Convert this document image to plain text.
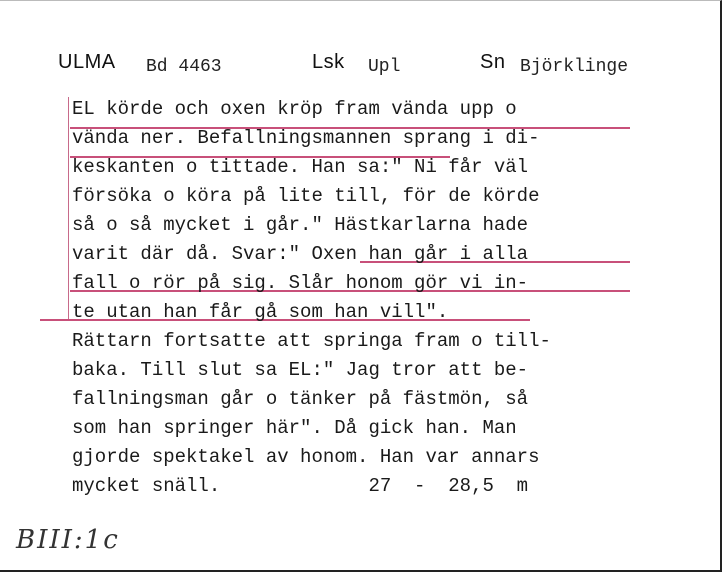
ULMA Bd 4463	Lsk Upl	Sn Björklinge
EL körde och oxen kröp fram vända upp o
vända ner. Befallningsmannen sprang i di-
keskanten o tittade. Han sa:" Ni får väl
försöka o köra på lite till, för de körde
så o så mycket i går." Hästkarlarna hade
varit där då. Svar:" Oxen han går i alla
fall o rör på sig. Slår honom gör vi in-
te utan han får gå som han vill".
Rättarn fortsatte att springa fram o till-
baka. Till slut sa EL:" Jag tror att be-
fallningsman går o tänker på fästmön, så
som han springer här". Då gick han. Man
gjorde spektakel av honom. Han var annars
mycket snäll.             27  -  28,5  m
BIII:1c
